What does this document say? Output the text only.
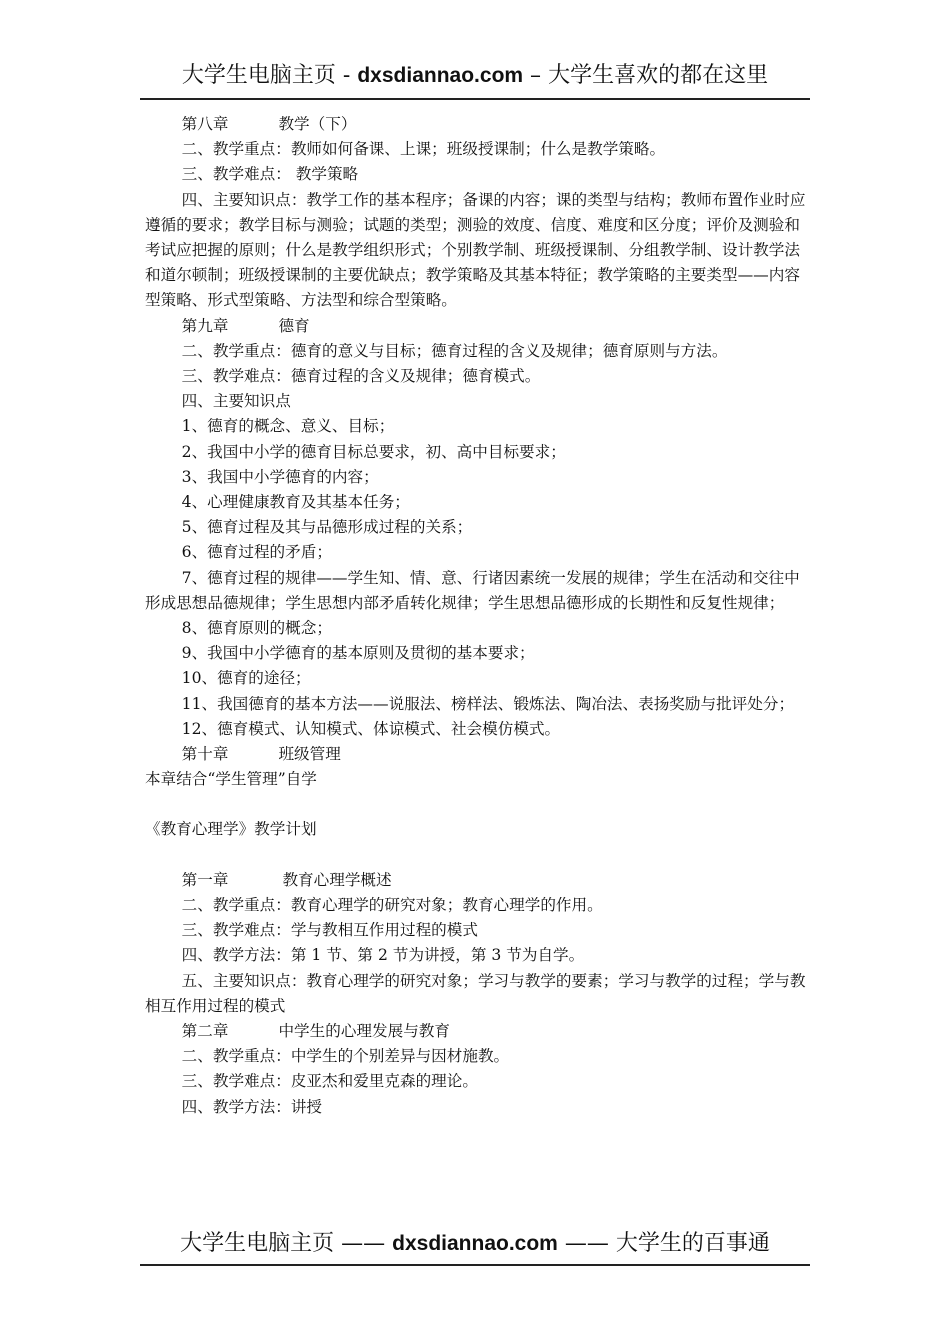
大学生电脑主页 - dxsdiannao.com – 大学生喜欢的都在这里

第八章	教学（下）

二、教学重点：教师如何备课、上课；班级授课制；什么是教学策略。

三、教学难点： 教学策略

四、主要知识点：教学工作的基本程序；备课的内容；课的类型与结构；教师布置作业时应遵循的要求；教学目标与测验；试题的类型；测验的效度、信度、难度和区分度；评价及测验和考试应把握的原则；什么是教学组织形式；个别教学制、班级授课制、分组教学制、设计教学法和道尔顿制；班级授课制的主要优缺点；教学策略及其基本特征；教学策略的主要类型——内容型策略、形式型策略、方法型和综合型策略。

第九章	德育

二、教学重点：德育的意义与目标；德育过程的含义及规律；德育原则与方法。

三、教学难点：德育过程的含义及规律；德育模式。

四、主要知识点

1、德育的概念、意义、目标；

2、我国中小学的德育目标总要求，初、高中目标要求；

3、我国中小学德育的内容；

4、心理健康教育及其基本任务；

5、德育过程及其与品德形成过程的关系；

6、德育过程的矛盾；

7、德育过程的规律——学生知、情、意、行诸因素统一发展的规律；学生在活动和交往中形成思想品德规律；学生思想内部矛盾转化规律；学生思想品德形成的长期性和反复性规律；

8、德育原则的概念；

9、我国中小学德育的基本原则及贯彻的基本要求；

10、德育的途径；

11、我国德育的基本方法——说服法、榜样法、锻炼法、陶冶法、表扬奖励与批评处分；

12、德育模式、认知模式、体谅模式、社会模仿模式。

第十章	班级管理

本章结合“学生管理”自学

《教育心理学》教学计划

第一章	教育心理学概述

二、教学重点：教育心理学的研究对象；教育心理学的作用。

三、教学难点：学与教相互作用过程的模式

四、教学方法：第 1 节、第 2 节为讲授，第 3 节为自学。

五、主要知识点：教育心理学的研究对象；学习与教学的要素；学习与教学的过程；学与教相互作用过程的模式

第二章	中学生的心理发展与教育

二、教学重点：中学生的个别差异与因材施教。

三、教学难点：皮亚杰和爱里克森的理论。

四、教学方法：讲授

大学生电脑主页 —— dxsdiannao.com —— 大学生的百事通
